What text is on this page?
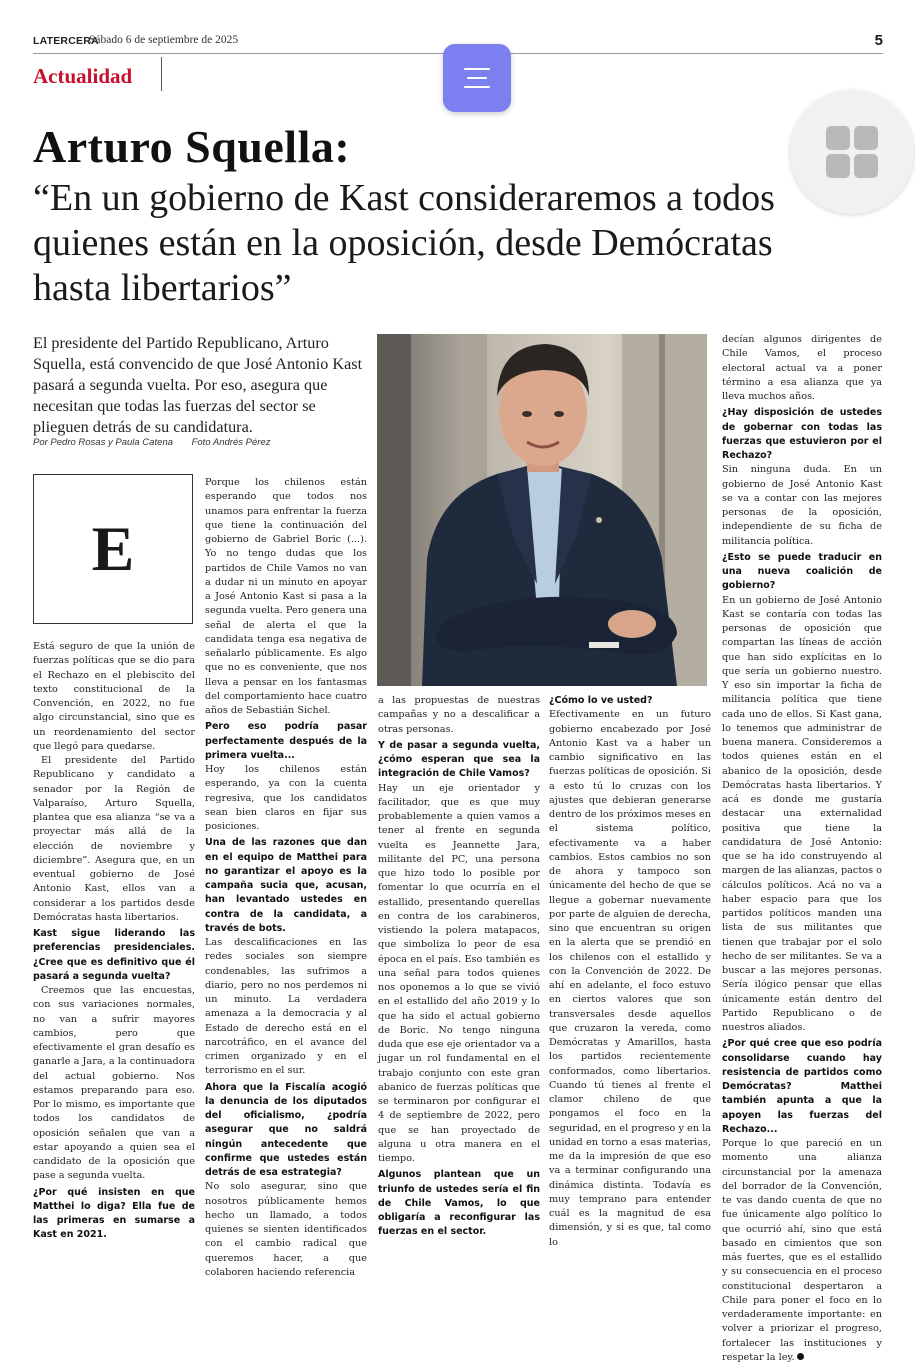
LATERCERA
Sábado 6 de septiembre de 2025	5
Actualidad
Arturo Squella:
“En un gobierno de Kast consideraremos a todos quienes están en la oposición, desde Demócratas hasta libertarios”
El presidente del Partido Republicano, Arturo Squella, está convencido de que José Antonio Kast pasará a segunda vuelta. Por eso, asegura que necesitan que todas las fuerzas del sector se plieguen detrás de su candidatura.
Por Pedro Rosas y Paula Catena Foto Andrés Pérez
E

Está seguro de que la unión de fuerzas políticas que se dio para el Rechazo en el plebiscito del texto constitucional de la Convención, en 2022, no fue algo circunstancial, sino que es un reordenamiento del sector que llegó para quedarse.

El presidente del Partido Republicano y candidato a senador por la Región de Valparaíso, Arturo Squella, plantea que esa alianza “se va a proyectar más allá de la elección de noviembre y diciembre”. Asegura que, en un eventual gobierno de José Antonio Kast, ellos van a considerar a los partidos desde Demócratas hasta libertarios.

Kast sigue liderando las preferencias presidenciales. ¿Cree que es definitivo que él pasará a segunda vuelta?

Creemos que las encuestas, con sus variaciones normales, no van a sufrir mayores cambios, pero que efectivamente el gran desafío es ganarle a Jara, a la continuadora del actual gobierno. Nos estamos preparando para eso. Por lo mismo, es importante que todos los candidatos de oposición señalen que van a estar apoyando a quien sea el candidato de la oposición que pase a segunda vuelta.

¿Por qué insisten en que Matthei lo diga? Ella fue de las primeras en sumarse a Kast en 2021.

Porque los chilenos están esperando que todos nos unamos para enfrentar la fuerza que tiene la continuación del gobierno de Gabriel Boric (...). Yo no tengo dudas que los partidos de Chile Vamos no van a dudar ni un minuto en apoyar a José Antonio Kast si pasa a la segunda vuelta. Pero genera una señal de alerta el que la candidata tenga esa negativa de señalarlo públicamente. Es algo que no es conveniente, que nos lleva a pensar en los fantasmas del comportamiento hace cuatro años de Sebastián Sichel.

Pero eso podría pasar perfectamente después de la primera vuelta...

Hoy los chilenos están esperando, ya con la cuenta regresiva, que los candidatos sean bien claros en fijar sus posiciones.

Una de las razones que dan en el equipo de Matthei para no garantizar el apoyo es la campaña sucia que, acusan, han levantado ustedes en contra de la candidata, a través de bots.

Las descalificaciones en las redes sociales son siempre condenables, las sufrimos a diario, pero no nos perdemos ni un minuto. La verdadera amenaza a la democracia y al Estado de derecho está en el narcotráfico, en el avance del crimen organizado y en el terrorismo en el sur.

Ahora que la Fiscalía acogió la denuncia de los diputados del oficialismo, ¿podría asegurar que no saldrá ningún antecedente que confirme que ustedes están detrás de esa estrategia?

No solo asegurar, sino que nosotros públicamente hemos hecho un llamado, a todos quienes se sienten identificados con el cambio radical que queremos hacer, a que colaboren haciendo referencia

a las propuestas de nuestras campañas y no a descalificar a otras personas.

Y de pasar a segunda vuelta, ¿cómo esperan que sea la integración de Chile Vamos?

Hay un eje orientador y facilitador, que es que muy probablemente a quien vamos a tener al frente en segunda vuelta es Jeannette Jara, militante del PC, una persona que hizo todo lo posible por fomentar lo que ocurría en el estallido, presentando querellas en contra de los carabineros, vistiendo la polera matapacos, que simboliza lo peor de esa época en el país. Eso también es una señal para todos quienes nos oponemos a lo que se vivió en el estallido del año 2019 y lo que ha sido el actual gobierno de Boric. No tengo ninguna duda que ese eje orientador va a jugar un rol fundamental en el trabajo conjunto con este gran abanico de fuerzas políticas que se terminaron por configurar el 4 de septiembre de 2022, pero que se han proyectado de alguna u otra manera en el tiempo.

Algunos plantean que un triunfo de ustedes sería el fin de Chile Vamos, lo que obligaría a reconfigurar las fuerzas en el sector.

¿Cómo lo ve usted?

Efectivamente en un futuro gobierno encabezado por José Antonio Kast va a haber un cambio significativo en las fuerzas políticas de oposición. Si a esto tú lo cruzas con los ajustes que debieran generarse dentro de los próximos meses en el sistema político, efectivamente va a haber cambios. Estos cambios no son de ahora y tampoco son únicamente del hecho de que se llegue a gobernar nuevamente por parte de alguien de derecha, sino que encuentran su origen en la alerta que se prendió en los chilenos con el estallido y con la Convención de 2022. De ahí en adelante, el foco estuvo en ciertos valores que son transversales desde aquellos que cruzaron la vereda, como Demócratas y Amarillos, hasta los partidos recientemente conformados, como libertarios. Cuando tú tienes al frente el clamor chileno de que pongamos el foco en la seguridad, en el progreso y en la unidad en torno a esas materias, me da la impresión de que eso va a terminar configurando una dinámica distinta. Todavía es muy temprano para entender cuál es la magnitud de esa dimensión, y si es que, tal como lo

decían algunos dirigentes de Chile Vamos, el proceso electoral actual va a poner término a esa alianza que ya lleva muchos años.

¿Hay disposición de ustedes de gobernar con todas las fuerzas que estuvieron por el Rechazo?

Sin ninguna duda. En un gobierno de José Antonio Kast se va a contar con las mejores personas de la oposición, independiente de su ficha de militancia política.

¿Esto se puede traducir en una nueva coalición de gobierno?

En un gobierno de José Antonio Kast se contaría con todas las personas de oposición que compartan las líneas de acción que han sido explícitas en lo que sería un gobierno nuestro. Y eso sin importar la ficha de militancia política que tiene cada uno de ellos. Si Kast gana, lo tenemos que administrar de buena manera. Consideremos a todos quienes están en el abanico de la oposición, desde Demócratas hasta libertarios. Y acá es donde me gustaría destacar una externalidad positiva que tiene la candidatura de José Antonio: que se ha ido construyendo al margen de las alianzas, pactos o cálculos políticos. Acá no va a haber espacio para que los partidos políticos manden una lista de sus militantes que tienen que trabajar por el solo hecho de ser militantes. Se va a buscar a las mejores personas. Sería ilógico pensar que ellas únicamente están dentro del Partido Republicano o de nuestros aliados.

¿Por qué cree que eso podría consolidarse cuando hay resistencia de partidos como Demócratas? Matthei también apunta a que la apoyen las fuerzas del Rechazo...

Porque lo que pareció en un momento una alianza circunstancial por la amenaza del borrador de la Convención, te vas dando cuenta de que no fue únicamente algo político lo que ocurrió ahí, sino que está basado en cimientos que son más fuertes, que es el estallido y su consecuencia en el proceso constitucional despertaron a Chile para poner el foco en lo verdaderamente importante: en volver a priorizar el progreso, fortalecer las instituciones y respetar la ley.
